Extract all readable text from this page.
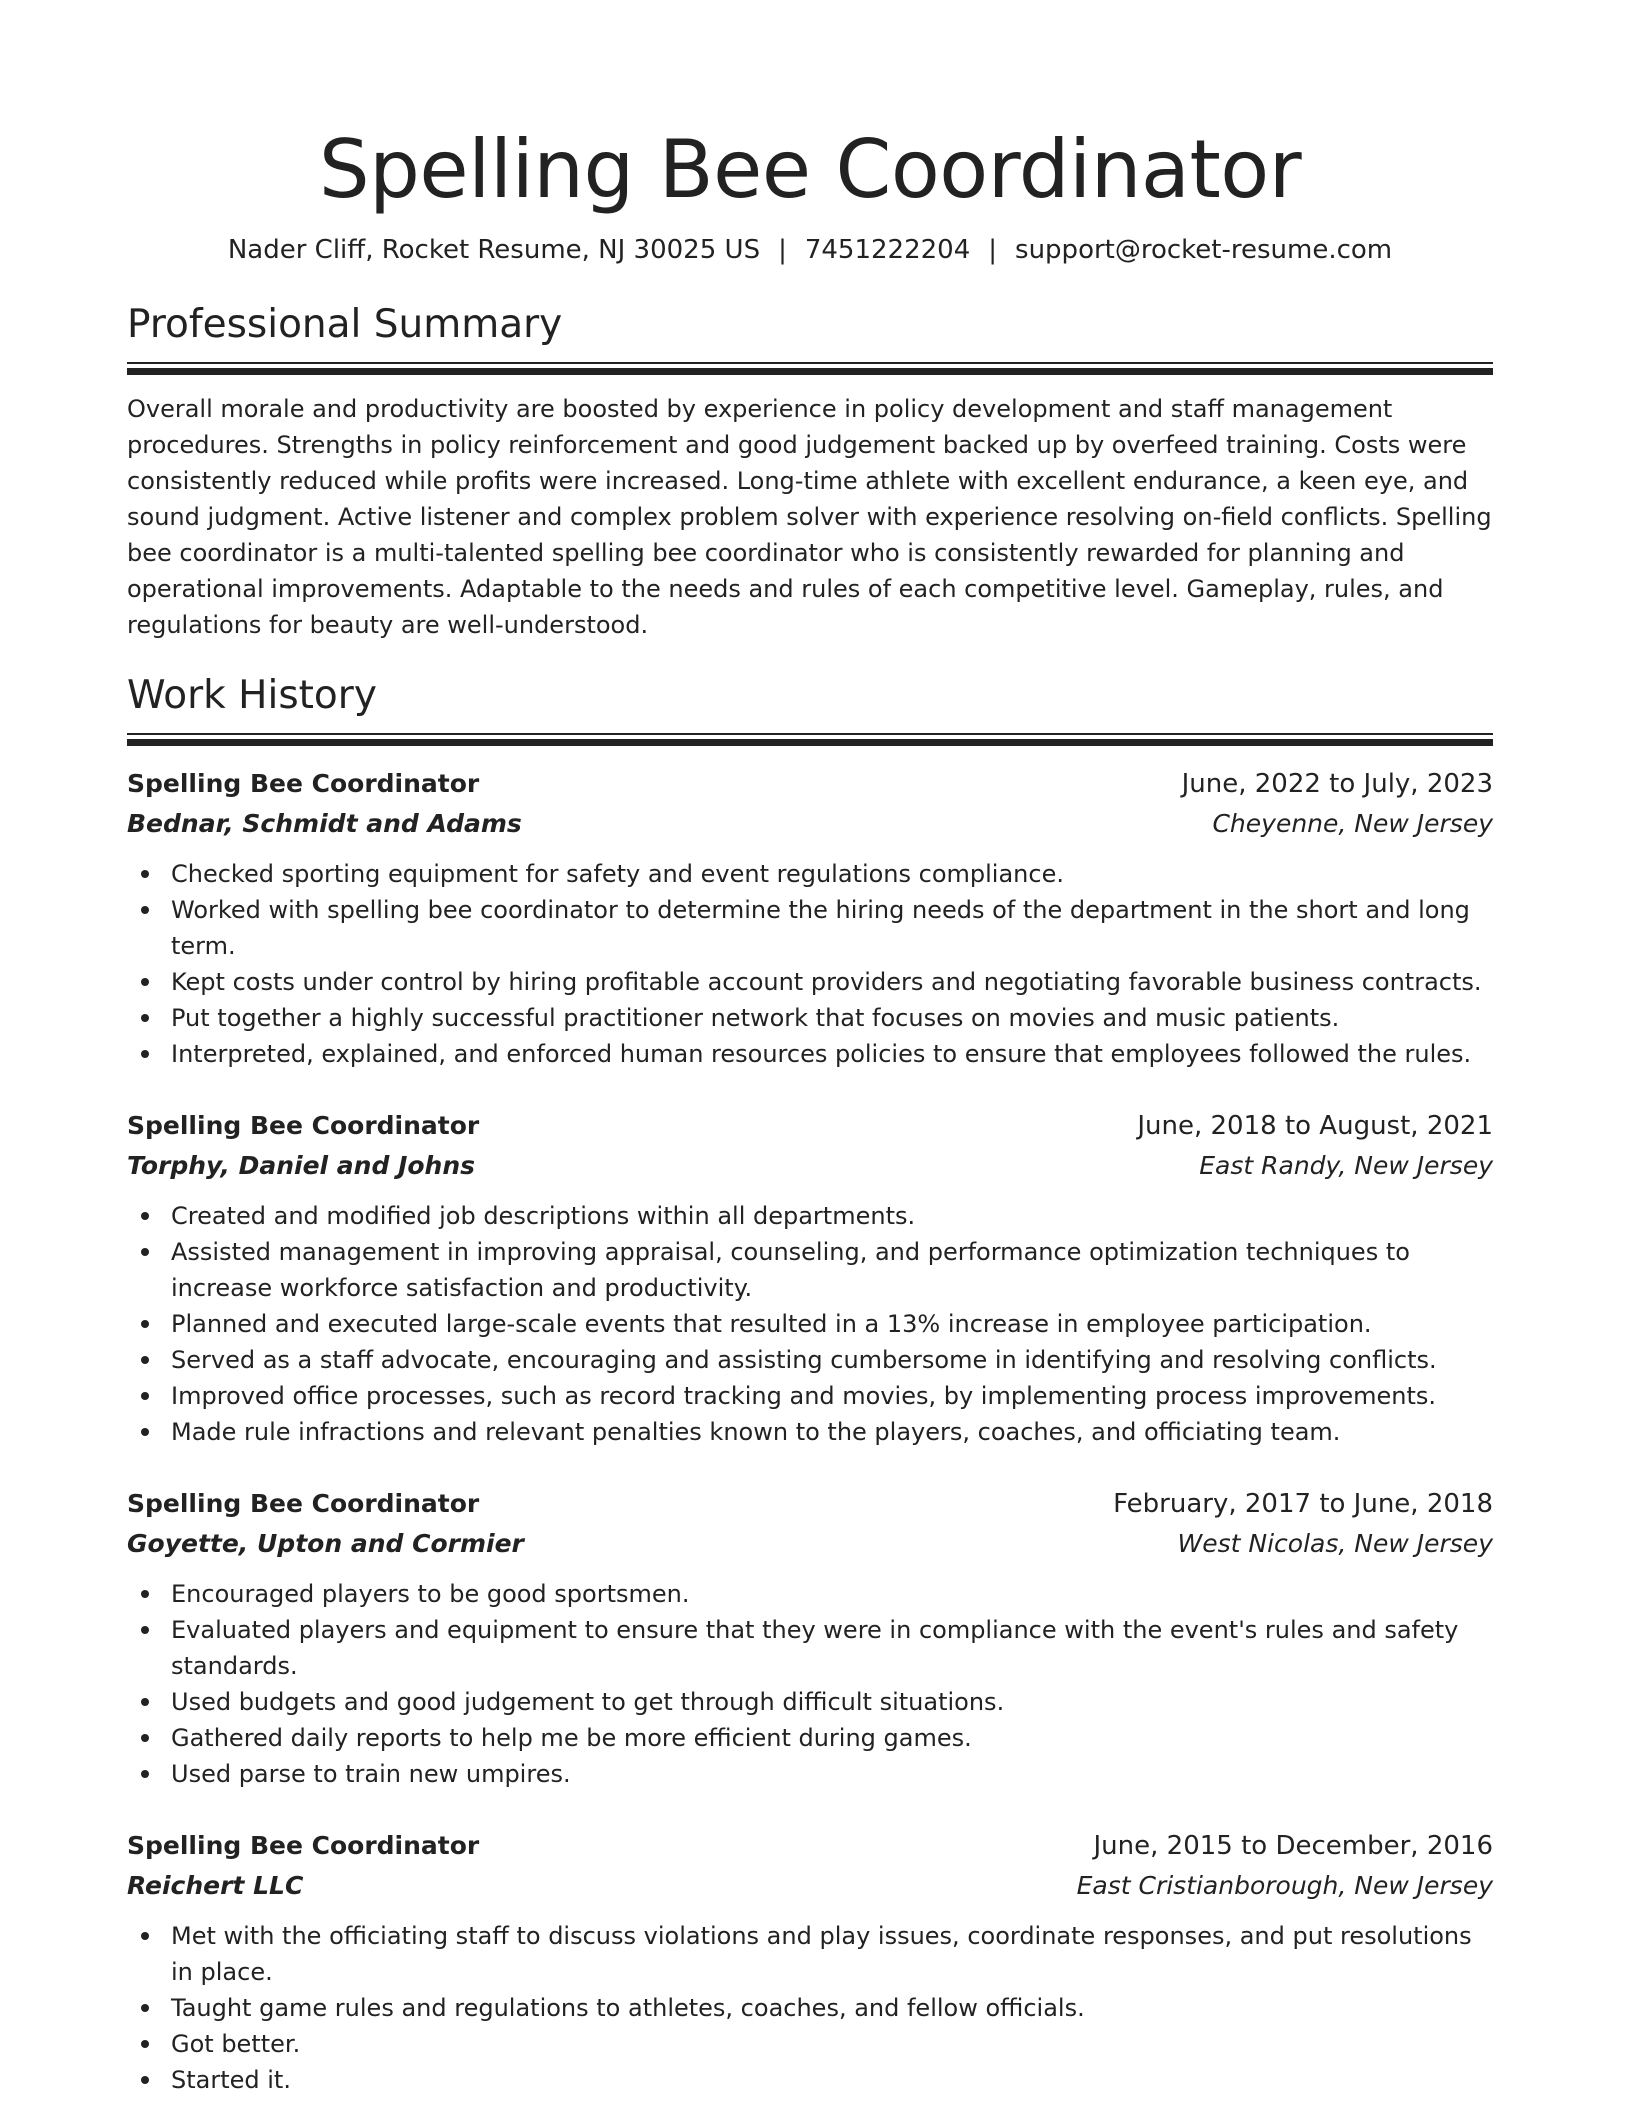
Spelling Bee Coordinator
Nader Cliff, Rocket Resume, NJ 30025 US | 7451222204 | support@rocket-resume.com
Professional Summary

Overall morale and productivity are boosted by experience in policy development and staff management procedures. Strengths in policy reinforcement and good judgement backed up by overfeed training. Costs were consistently reduced while profits were increased. Long-time athlete with excellent endurance, a keen eye, and sound judgment. Active listener and complex problem solver with experience resolving on-field conflicts. Spelling bee coordinator is a multi-talented spelling bee coordinator who is consistently rewarded for planning and operational improvements. Adaptable to the needs and rules of each competitive level. Gameplay, rules, and regulations for beauty are well-understood.

Work History
Spelling Bee Coordinator	June, 2022 to July, 2023
Bednar, Schmidt and Adams	Cheyenne, New Jersey
Checked sporting equipment for safety and event regulations compliance.
Worked with spelling bee coordinator to determine the hiring needs of the department in the short and long term.
Kept costs under control by hiring profitable account providers and negotiating favorable business contracts.
Put together a highly successful practitioner network that focuses on movies and music patients.
Interpreted, explained, and enforced human resources policies to ensure that employees followed the rules.
Spelling Bee Coordinator	June, 2018 to August, 2021
Torphy, Daniel and Johns	East Randy, New Jersey
Created and modified job descriptions within all departments.
Assisted management in improving appraisal, counseling, and performance optimization techniques to increase workforce satisfaction and productivity.
Planned and executed large-scale events that resulted in a 13% increase in employee participation.
Served as a staff advocate, encouraging and assisting cumbersome in identifying and resolving conflicts.
Improved office processes, such as record tracking and movies, by implementing process improvements.
Made rule infractions and relevant penalties known to the players, coaches, and officiating team.
Spelling Bee Coordinator	February, 2017 to June, 2018
Goyette, Upton and Cormier	West Nicolas, New Jersey
Encouraged players to be good sportsmen.
Evaluated players and equipment to ensure that they were in compliance with the event's rules and safety standards.
Used budgets and good judgement to get through difficult situations.
Gathered daily reports to help me be more efficient during games.
Used parse to train new umpires.
Spelling Bee Coordinator	June, 2015 to December, 2016
Reichert LLC	East Cristianborough, New Jersey
Met with the officiating staff to discuss violations and play issues, coordinate responses, and put resolutions in place.
Taught game rules and regulations to athletes, coaches, and fellow officials.
Got better.
Started it.
